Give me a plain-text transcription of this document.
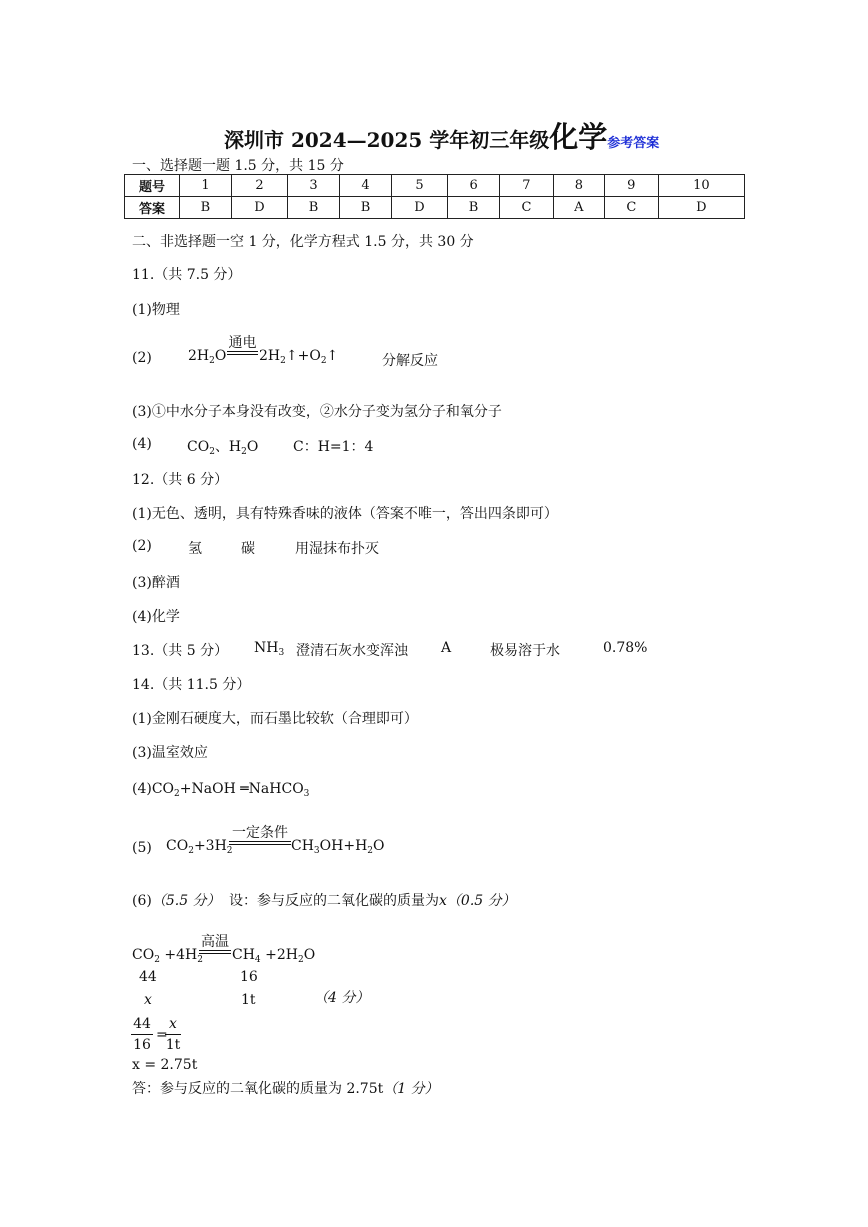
深圳市 2024—2025 学年初三年级化学参考答案
一、选择题一题 1.5 分，共 15 分
题号	1	2	3	4	5	6	7	8	9	10
答案	B	D	B	B	D	B	C	A	C	D
二、非选择题一空 1 分，化学方程式 1.5 分，共 30 分
11.（共 7.5 分）
(1)物理
(2)	$2H_2O$
通电
$2H_2↑+O_2↑$	分解反应
(3)①中水分子本身没有改变，②水分子变为氢分子和氧分子
(4)	$CO_2$、$H_2O$ C：H=1：4
12.（共 6 分）
(1)无色、透明，具有特殊香味的液体（答案不唯一，答出四条即可）
(2)	氢	碳	用湿抹布扑灭
(3)醉酒
(4)化学
13.（共 5 分） $NH_3$ 澄清石灰水变浑浊 A	极易溶于水	0.78%
14.（共 11.5 分）
(1)金刚石硬度大，而石墨比较软（合理即可）
(3)温室效应
$(4)CO_2+NaOH$ ═NaHCO$_3$
(5) $CO_2+3H_2$
一定条件
$CH_3OH+H_2O$
(6)（5.5 分） 设：参与反应的二氧化碳的质量为x（0.5 分）
$CO_2 +4H_2$
高温
$CH_4 +2H_2O$
44	16
x	1t	（4 分）
44
16
=
x
1t
x = 2.75t
答：参与反应的二氧化碳的质量为 2.75t（1 分）
